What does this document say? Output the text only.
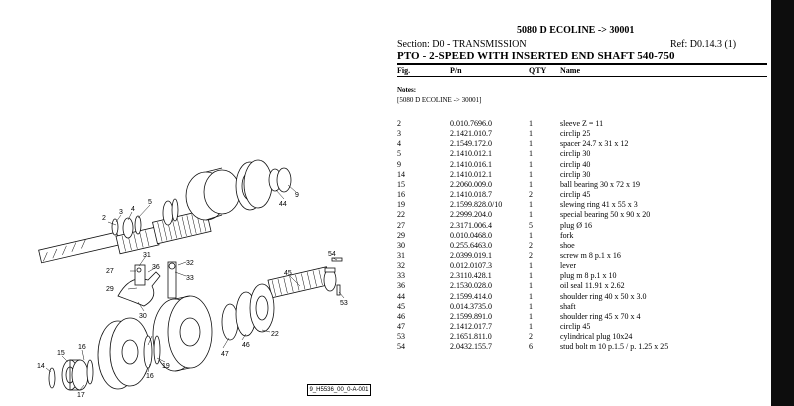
2
3 4
5
9
14
15
16
16
17
19
22
27
29
30
31
32
33
36
44
45
46
47
53
54
9_H5536_00_0-A-001
5080 D ECOLINE -> 30001
Section: D0 - TRANSMISSION	Ref: D0.14.3 (1)
PTO - 2-SPEED WITH INSERTED END SHAFT 540-750
Fig.	P/n	QTY Name
Notes:
[5080 D ECOLINE -> 30001]
2	0.010.7696.0	1	sleeve Z = 11
3	2.1421.010.7	1	circlip 25
4	2.1549.172.0	1	spacer 24.7 x 31 x 12
5	2.1410.012.1	1	circlip 30
9	2.1410.016.1	1	circlip 40
14	2.1410.012.1	1	circlip 30
15	2.2060.009.0	1	ball bearing 30 x 72 x 19
16	2.1410.018.7	2	circlip 45
19	2.1599.828.0/10	1	slewing ring 41 x 55 x 3
22	2.2999.204.0	1	special bearing 50 x 90 x 20
27	2.3171.006.4	5	plug Ø 16
29	0.010.0468.0	1	fork
30	0.255.6463.0	2	shoe
31	2.0399.019.1	2	screw m 8 p.1 x 16
32	0.012.0107.3	1	lever
33	2.3110.428.1	1	plug m 8 p.1 x 10
36	2.1530.028.0	1	oil seal 11.91 x 2.62
44	2.1599.414.0	1	shoulder ring 40 x 50 x 3.0
45	0.014.3735.0	1	shaft
46	2.1599.891.0	1	shoulder ring 45 x 70 x 4
47	2.1412.017.7	1	circlip 45
53	2.1651.811.0	2	cylindrical plug 10x24
54	2.0432.155.7	6	stud bolt m 10 p.1.5 / p. 1.25 x 25
